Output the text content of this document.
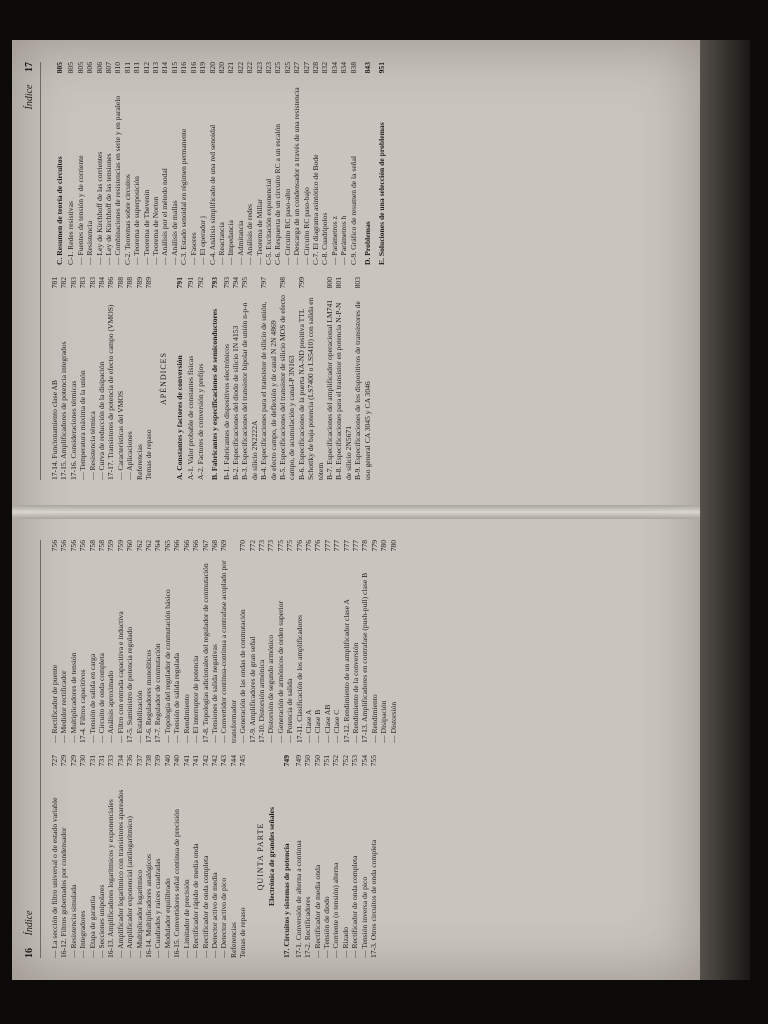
16 Índice	— La sección de filtro universal o de estado variable
727
16-12. Filtros gobernados por condensador
729
— Resistencia simulada
729
— Integradores
730
— Etapa de garantía
731
— Secciones unipolares
731
16-13. Amplificadores logarítmicos y exponenciales
733
— Amplificador logarítmico con transistores apareados
734
— Amplificador exponencial (antilogarítmico)
736
— Multiplicador logarítmico
737
16-14. Multiplicadores analógicos
738
— Cuadrados y raíces cuadradas
739
— Modulador equilibrado
740
16-15. Convertidores señal continua de precisión
740
— Limitador de precisión
741
— Rectificador rápido de media onda
741
— Rectificador de onda completa
742
— Detector activo de media
742
— Detector activo de pico
743
Referencias
744
Temas de repaso
745
QUINTA PARTE Electrónica de grandes señales 17. Circuitos y sistemas de potencia
749
17-1. Conversión de alterna a continua
749
17-2. Rectificadores
750
— Rectificador de media onda
750
— Tensión de diodo
751
— Corriente (o tensión) alterna
752
— Rizado
752
— Rectificador de onda completa
753
— Tensión inversa de pico
754
17-3. Otros circuitos de onda completa
755
— Rectificador de puente
756
— Medidor rectificador
756
— Multiplicadores de tensión
756
17-4. Filtros capacitivos
756
— Tensión de salida en carga
758
— Circuito de onda completa
758
— Análisis aproximado
759
— Filtro con entrada capacitiva e inductiva
759
17-5. Suministro de potencia regulado
760
— Estabilización
762
17-6. Reguladores monolíticos
762
17-7. Regulador de conmutación
764
— Topología del regulador de conmutación básico
765
— Tensión de salida regulada
766
— Rendimiento
766
— El interruptor de potencia
766
17-8. Topologías adicionales del regulador de conmutación
767
— Tensiones de salida negativas
768
— Convertidor continua-continua a contrafase acoplado por transformador
769
— Generación de las ondas de conmutación
770
17-9. Amplificadores de gran señal
772
17-10. Distorsión armónica
773
— Distorsión de segundo armónico
773
— Generación de armónicos de orden superior
775
— Potencia de salida
775
17-11. Clasificación de los amplificadores
776
— Clase A
776
— Clase B
776
— Clase AB
777
— Clase C
777
17-12. Rendimiento de un amplificador clase A
777
— Rendimiento de la conversión
777
17-13. Amplificadores en contrafase (push-pull) clase B
778
— Rendimiento
779
— Disipación
780
— Distorsión
780
Índice 17
17-14. Funcionamiento clase AB
781
17-15. Amplificadores de potencia integrados
782
17-16. Consideraciones térmicas
783
— Temperatura máxima de la unión
783
— Resistencia térmica
783
— Curva de reducción de la disipación
784
17-17. Transistores de potencia de efecto campo (VMOS)
786
— Características del VMOS
788
— Aplicaciones
788
Referencias
789
Temas de repaso
789
APÉNDICES A. Constantes y factores de conversión
791
A-1. Valor probable de constantes físicas
791
A-2. Factores de conversión y prefijos
792
B. Fabricantes y especificaciones de semiconductores
793
B-1. Fabricantes de dispositivos electrónicos
793
B-2. Especificaciones del diodo de silicio 1N 4153
794
B-3. Especificaciones del transistor bipolar de unión n-p-n de silicio 2N2222A
795
B-4. Especificaciones para el transistor de silicio de unión, de efecto campo, de deflexión y de canal N 2N 4869
797
B-5. Especificaciones del transistor de silicio MOS de efecto campo, de acumulación y canal-P 3N163
798
B-6. Especificaciones de la puerta NA-ND positiva TTL Schottky de baja potencia (LS7400 o LS5410) con salida en tótem
799
B-7. Especificaciones del amplificador operacional LM741
800
B-8. Especificaciones para el transistor en potencia N-P-N de silicio 2N5671
801
B-9. Especificaciones de los dispositivos de transistores de uso general CA 3045 y CA 3046
803
C. Resumen de teoría de circuitos
805
C-1. Redes resistivas
805
— Fuentes de tensión y de corriente
805
— Resistencia
806
— Ley de Kirchhoff de las corrientes
806
— Ley de Kirchhoff de las tensiones
807
— Combinaciones de resistencias en serie y en paralelo
810
C-2. Teoremas sobre circuitos
811
— Teorema de superposición
811
— Teorema de Thevenin
812
— Teorema de Norton
813
— Análisis por el método nodal
814
— Análisis de mallas
815
C-3. Estado senoidal en régimen permanente
816
— Fasores
816
— El operador j
819
C-4. Análisis simplificado de una red senoidal
820
— Reactancia
820
— Impedancia
821
— Admitancia
822
— Análisis de redes
822
— Teorema de Millar
823
C-5. Excitación exponencial
823
C-6. Respuesta de un circuito RC a un escalón
825
— Circuito RC paso-alto
825
— Descarga de un condensador a través de una resistencia
827
— Circuito RC paso-bajo
827
C-7. El diagrama asintótico de Bode
828
C-8. Cuadripolos
832
— Parámetros z
834
— Parámetros h
834
C-9. Gráfico de resumen de la señal
838
D. Problemas
843
E. Soluciones de una selección de problemas
951
